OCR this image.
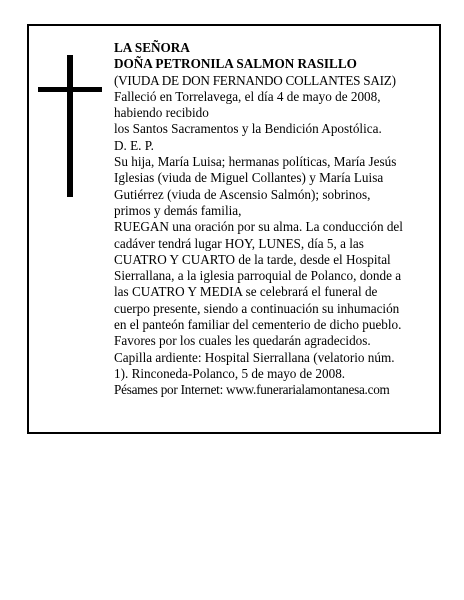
LA SEÑORA
DOÑA PETRONILA SALMON RASILLO
(VIUDA DE DON FERNANDO COLLANTES SAIZ)
Falleció en Torrelavega, el día 4 de mayo de 2008,
habiendo recibido
los Santos Sacramentos y la Bendición Apostólica.
D. E. P.
Su hija, María Luisa; hermanas políticas, María Jesús
Iglesias (viuda de Miguel Collantes) y María Luisa
Gutiérrez (viuda de Ascensio Salmón); sobrinos,
primos y demás familia,
RUEGAN una oración por su alma. La conducción del
cadáver tendrá lugar HOY, LUNES, día 5, a las
CUATRO Y CUARTO de la tarde, desde el Hospital
Sierrallana, a la iglesia parroquial de Polanco, donde a
las CUATRO Y MEDIA se celebrará el funeral de
cuerpo presente, siendo a continuación su inhumación
en el panteón familiar del cementerio de dicho pueblo.
Favores por los cuales les quedarán agradecidos.
Capilla ardiente: Hospital Sierrallana (velatorio núm.
1). Rinconeda-Polanco, 5 de mayo de 2008.
Pésames por Internet: www.funerarialamontanesa.com
